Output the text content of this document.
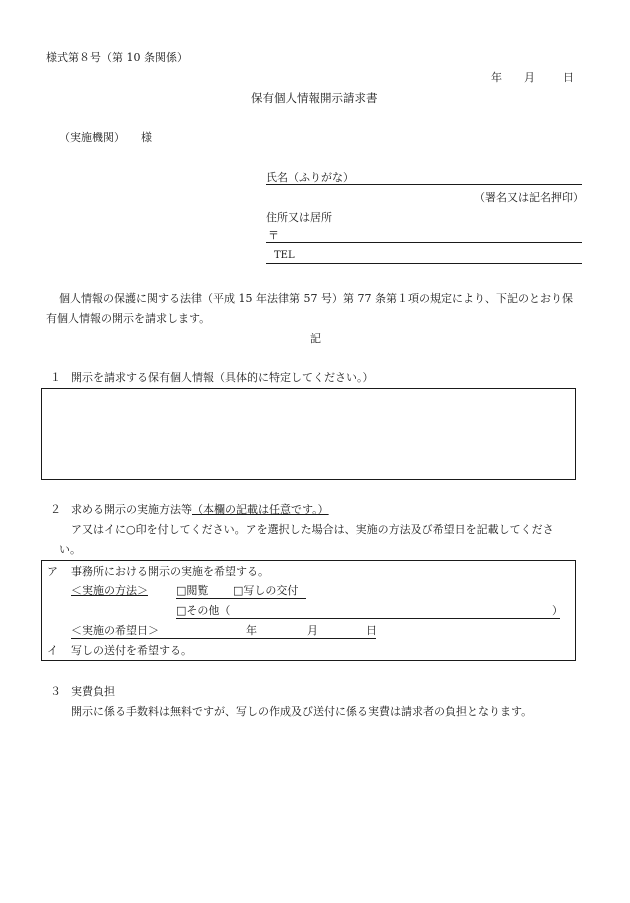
様式第８号（第 10 条関係）
年 月	日
保有個人情報開示請求書
（実施機関） 様
氏名（ふりがな）
（署名又は記名押印）
住所又は居所
〒
TEL
個人情報の保護に関する法律（平成 15 年法律第 57 号）第 77 条第１項の規定により、下記のとおり保
有個人情報の開示を請求します。
記
１ 開示を請求する保有個人情報（具体的に特定してください。）
２ 求める開示の実施方法等（本欄の記載は任意です。）
ア又はイに○印を付してください。アを選択した場合は、実施の方法及び希望日を記載してくださ
い。
ア 事務所における開示の実施を希望する。
＜実施の方法＞	□閲覧 □写しの交付
□その他（	）
＜実施の希望日＞	年	月	日
イ 写しの送付を希望する。
３ 実費負担
開示に係る手数料は無料ですが、写しの作成及び送付に係る実費は請求者の負担となります。
